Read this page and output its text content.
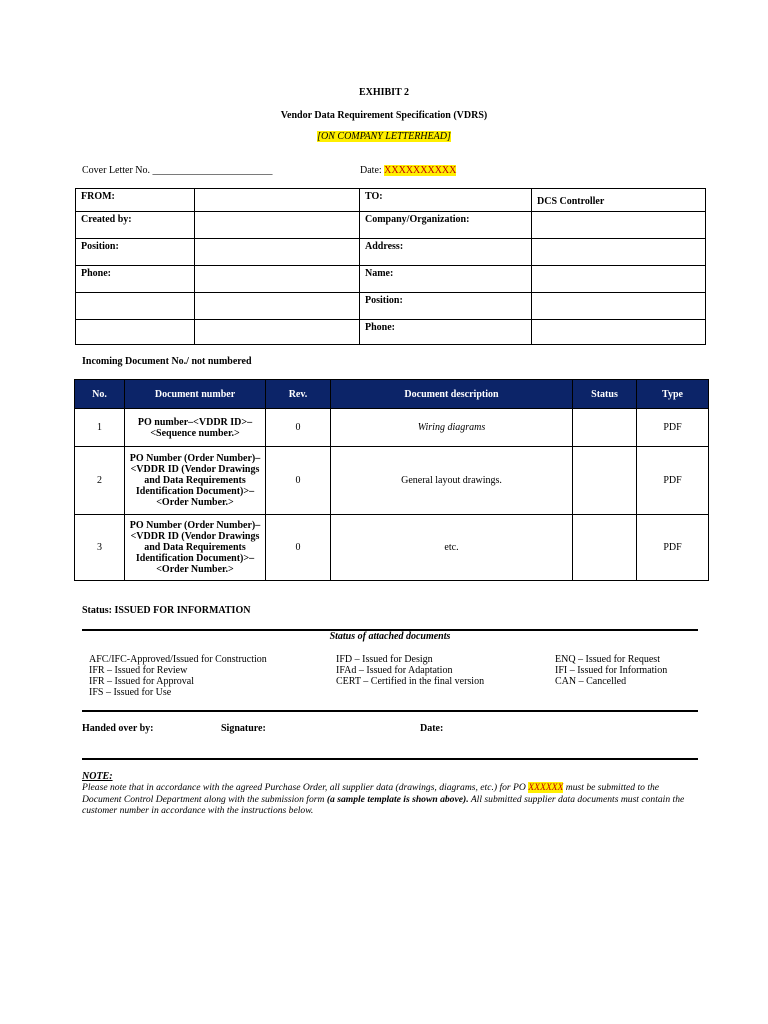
EXHIBIT 2
Vendor Data Requirement Specification (VDRS)
[ON COMPANY LETTERHEAD]
Cover Letter No. ________________________	Date: XXXXXXXXXX
FROM:		TO:	DCS Controller
Created by:		Company/Organization:	
Position:		Address:	
Phone:		Name:	
		Position:	
		Phone:	
Incoming Document No./ not numbered
No.	Document number	Rev.	Document description	Status	Type
1	PO number–<VDDR ID>–<Sequence number.>	0	Wiring diagrams		PDF
2	PO Number (Order Number)–<VDDR ID (Vendor Drawings and Data Requirements Identification Document)>–<Order Number.>	0	General layout drawings.		PDF
3	PO Number (Order Number)–<VDDR ID (Vendor Drawings and Data Requirements Identification Document)>–<Order Number.>	0	etc.		PDF
Status: ISSUED FOR INFORMATION
Status of attached documents
AFC/IFC-Approved/Issued for Construction
IFR – Issued for Review
IFR – Issued for Approval
IFS – Issued for Use
IFD – Issued for Design
IFAd – Issued for Adaptation
CERT – Certified in the final version
ENQ – Issued for Request
IFI – Issued for Information
CAN – Cancelled
Handed over by:	Signature:	Date:
NOTE:
Please note that in accordance with the agreed Purchase Order, all supplier data (drawings, diagrams, etc.) for PO XXXXXX must be submitted to the Document Control Department along with the submission form (a sample template is shown above). All submitted supplier data documents must contain the customer number in accordance with the instructions below.
